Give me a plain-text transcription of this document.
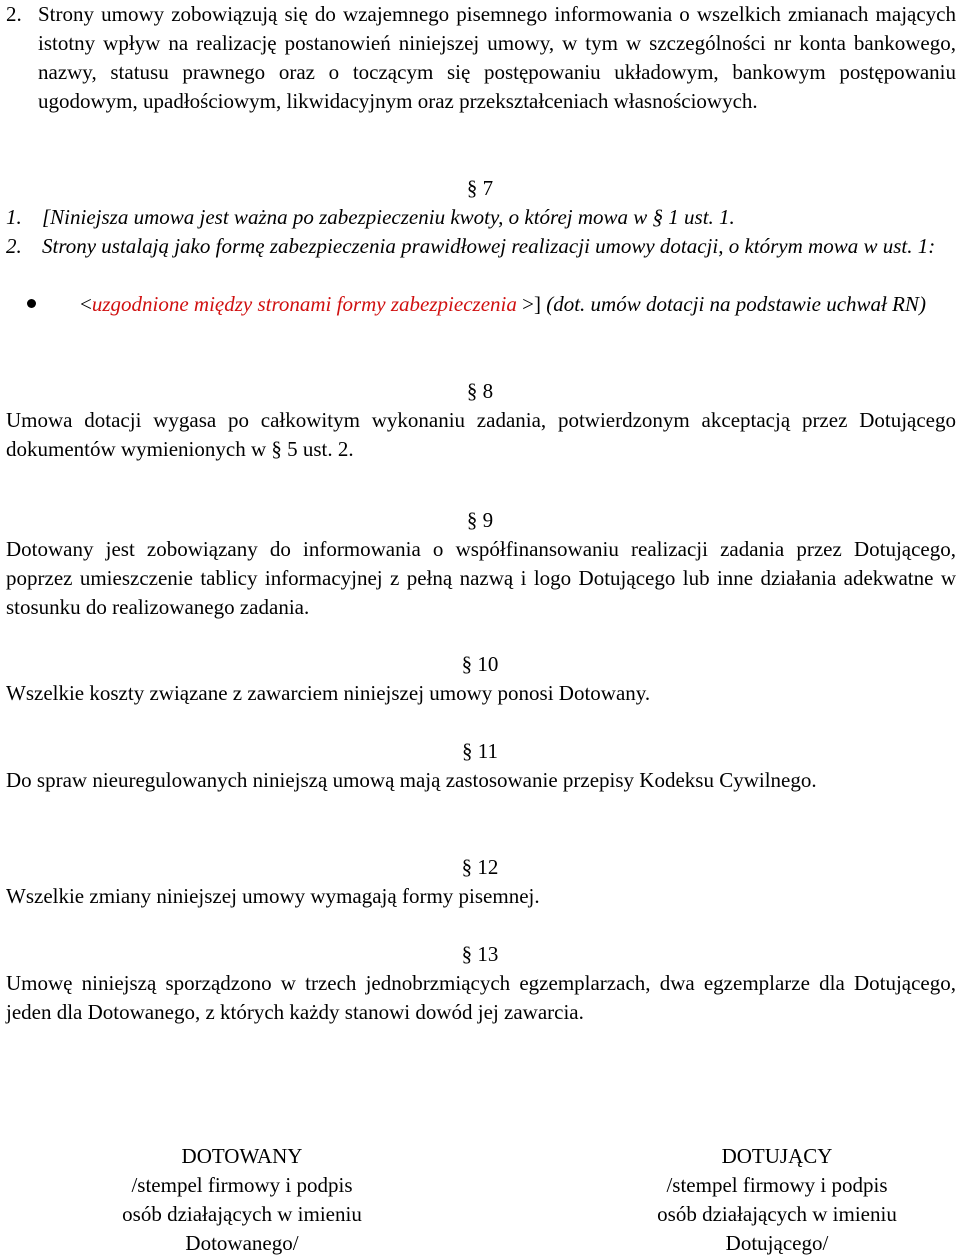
2. Strony umowy zobowiązują się do wzajemnego pisemnego informowania o wszelkich zmianach mających istotny wpływ na realizację postanowień niniejszej umowy, w tym w szczególności nr konta bankowego, nazwy, statusu prawnego oraz o toczącym się postępowaniu układowym, bankowym postępowaniu ugodowym, upadłościowym, likwidacyjnym oraz przekształceniach własnościowych.
§ 7
1. [Niniejsza umowa jest ważna po zabezpieczeniu kwoty, o której mowa w § 1 ust. 1.
2. Strony ustalają jako formę zabezpieczenia prawidłowej realizacji umowy dotacji, o którym mowa w ust. 1:
<uzgodnione między stronami formy zabezpieczenia >] (dot. umów dotacji na podstawie uchwał RN)
§ 8
Umowa dotacji wygasa po całkowitym wykonaniu zadania, potwierdzonym akceptacją przez Dotującego dokumentów wymienionych w § 5 ust. 2.
§ 9
Dotowany jest zobowiązany do informowania o współfinansowaniu realizacji zadania przez Dotującego, poprzez umieszczenie tablicy informacyjnej z pełną nazwą i logo Dotującego lub inne działania adekwatne w stosunku do realizowanego zadania.
§ 10
Wszelkie koszty związane z zawarciem niniejszej umowy ponosi Dotowany.
§ 11
Do spraw nieuregulowanych niniejszą umową mają zastosowanie przepisy Kodeksu Cywilnego.
§ 12
Wszelkie zmiany niniejszej umowy wymagają formy pisemnej.
§ 13
Umowę niniejszą sporządzono w trzech jednobrzmiących egzemplarzach, dwa egzemplarze dla Dotującego, jeden dla Dotowanego, z których każdy stanowi dowód jej zawarcia.
DOTOWANY
/stempel firmowy i podpis
osób działających w imieniu
Dotowanego/
DOTUJĄCY
/stempel firmowy i podpis
osób działających w imieniu
Dotującego/
